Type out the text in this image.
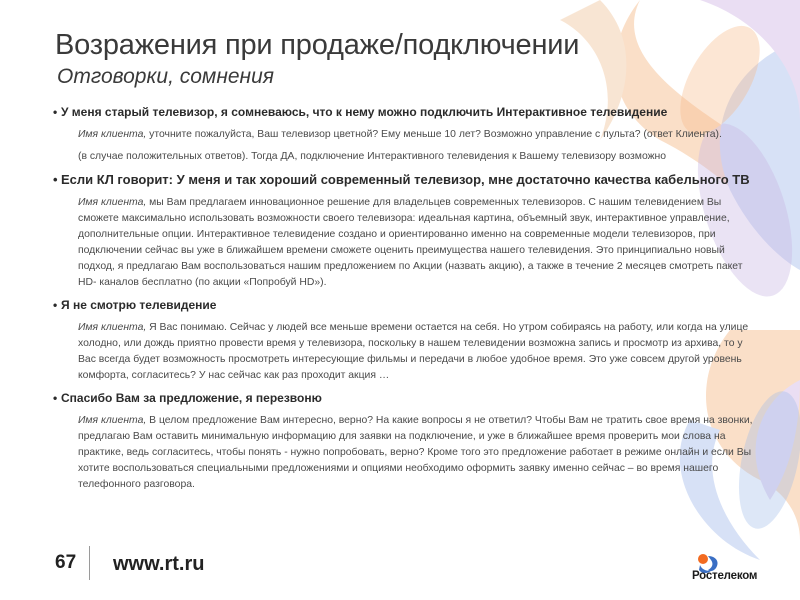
Возражения при продаже/подключении
Отговорки, сомнения
• У меня старый телевизор, я сомневаюсь, что к нему можно подключить Интерактивное телевидение
Имя клиента, уточните пожалуйста, Ваш телевизор цветной? Ему меньше 10 лет? Возможно управление с пульта? (ответ Клиента).
(в случае положительных ответов). Тогда ДА, подключение Интерактивного телевидения к Вашему телевизору возможно
• Если КЛ говорит: У меня и так хороший современный телевизор, мне достаточно качества кабельного ТВ
Имя клиента, мы Вам предлагаем инновационное решение для владельцев современных телевизоров. С нашим телевидением Вы сможете максимально использовать возможности своего телевизора: идеальная картина, объемный звук, интерактивное управление, дополнительные опции. Интерактивное телевидение создано и ориентированно именно на современные модели телевизоров, при подключении сейчас вы уже в ближайшем времени сможете оценить преимущества нашего телевидения. Это принципиально новый подход, я предлагаю Вам воспользоваться нашим предложением по Акции (назвать акцию), а также в течение 2 месяцев смотреть пакет HD- каналов бесплатно (по акции «Попробуй HD»).
• Я не смотрю телевидение
Имя клиента, Я Вас понимаю. Сейчас у людей все меньше времени остается на себя. Но утром собираясь на работу, или когда на улице холодно, или дождь приятно провести время у телевизора, поскольку в нашем телевидении возможна запись и просмотр из архива, то у Вас всегда будет возможность просмотреть интересующие фильмы и передачи в любое удобное время. Это уже совсем другой уровень комфорта, согласитесь? У нас сейчас как раз проходит акция …
• Спасибо Вам за предложение, я перезвоню
Имя клиента, В целом предложение Вам интересно, верно? На какие вопросы я не ответил? Чтобы Вам не тратить свое время на звонки, предлагаю Вам оставить минимальную информацию для заявки на подключение, и уже в ближайшее время проверить мои слова на практике, ведь согласитесь, чтобы понять - нужно попробовать, верно? Кроме того это предложение работает в режиме онлайн и если Вы хотите воспользоваться специальными предложениями и опциями необходимо оформить заявку именно сейчас – во время нашего телефонного разговора.
67 www.rt.ru
Ростелеком
